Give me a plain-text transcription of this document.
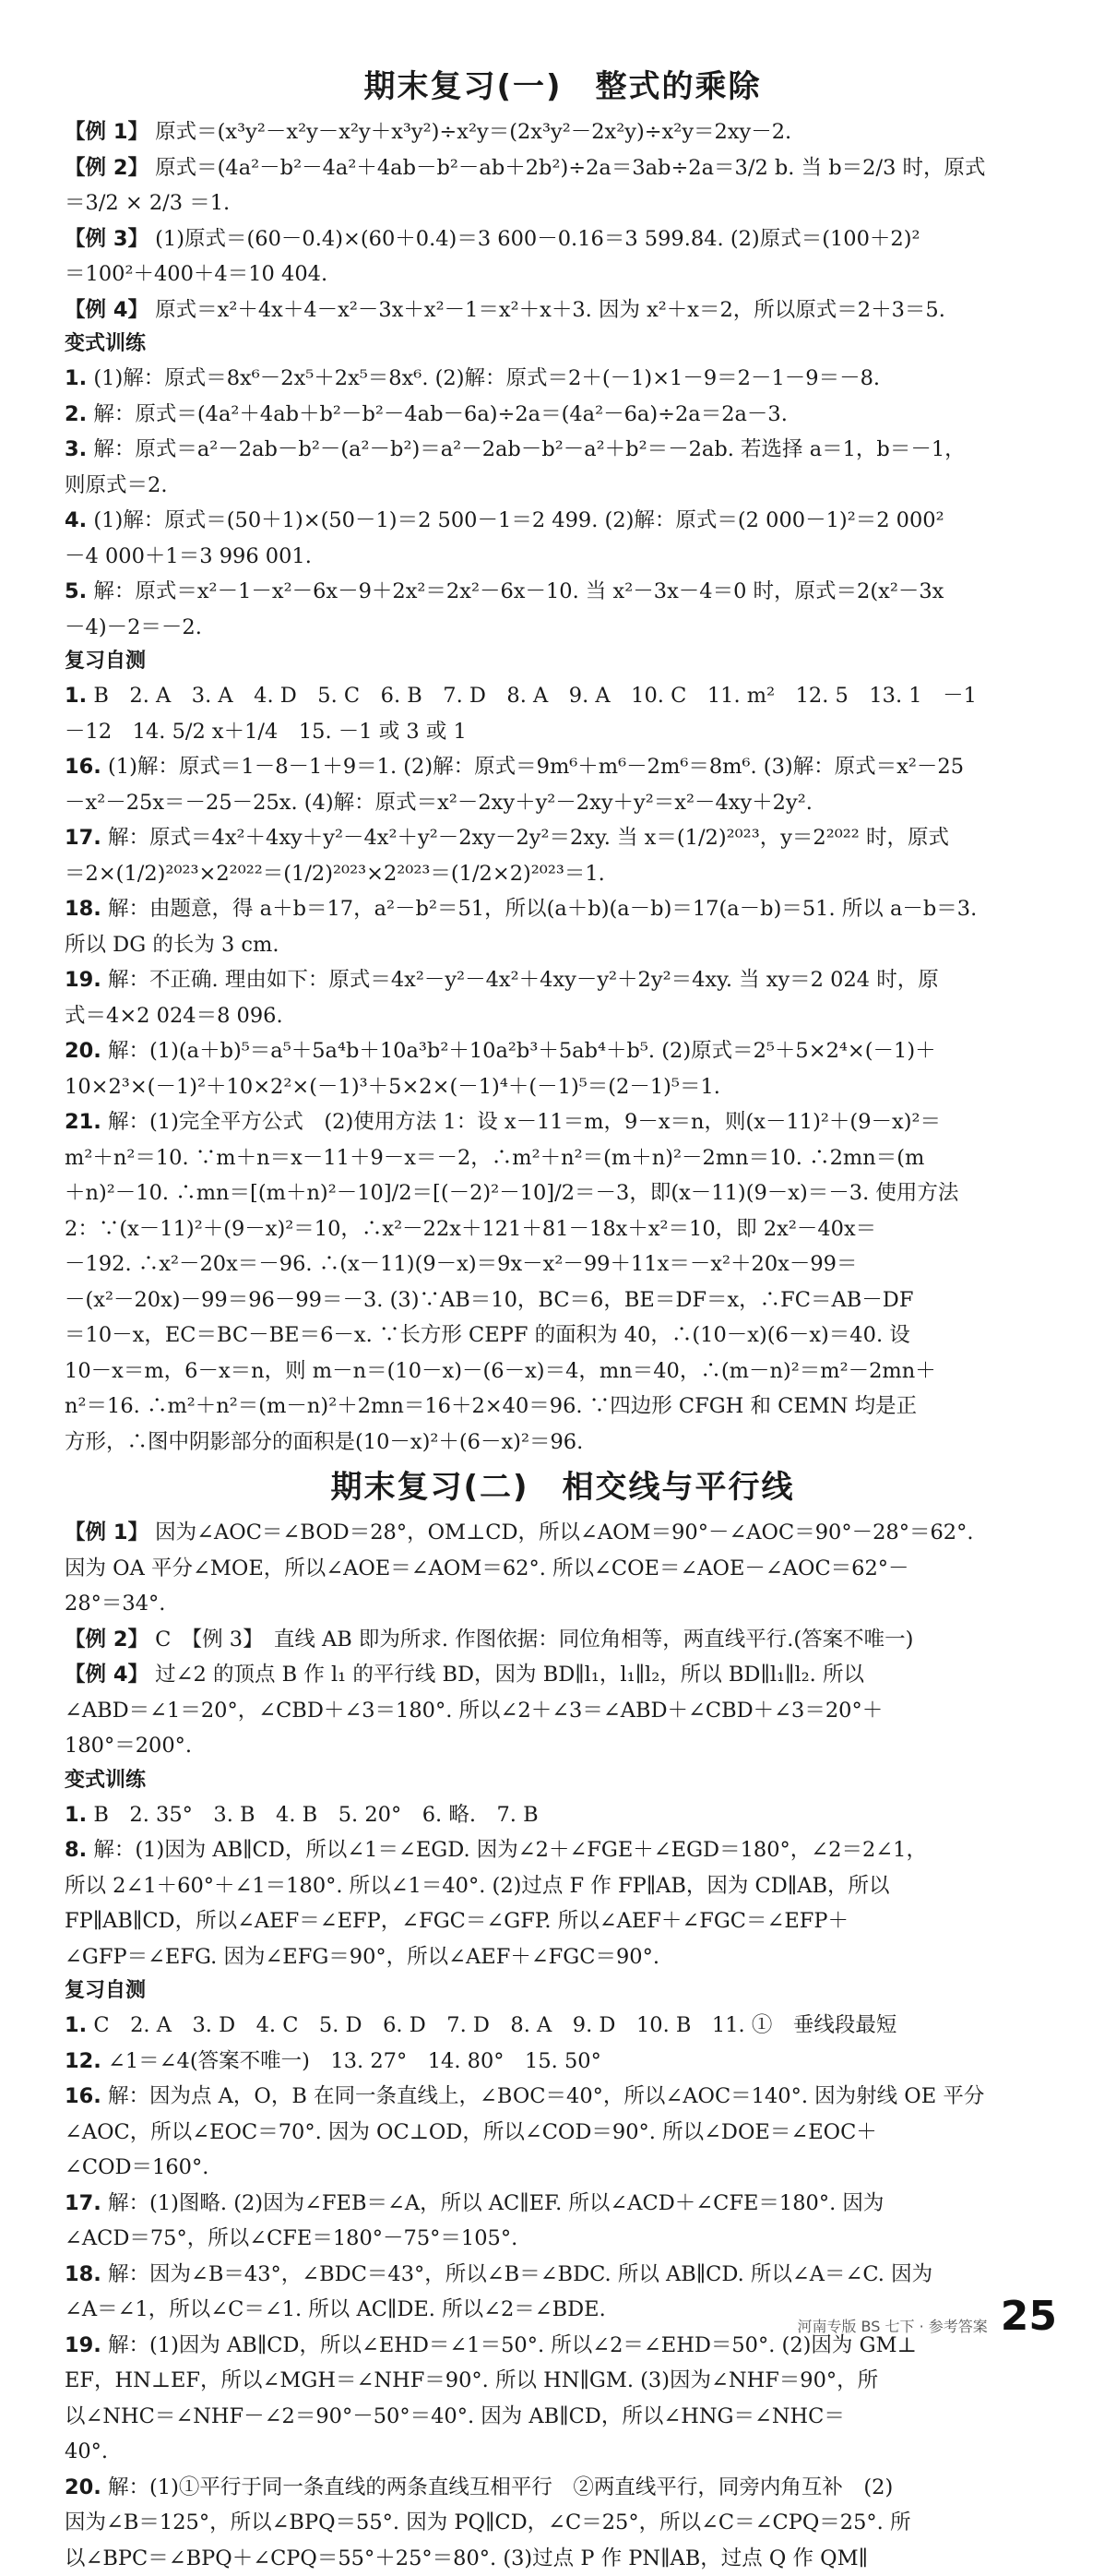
期末复习(一)　整式的乘除
【例 1】 原式＝(x³y²－x²y－x²y＋x³y²)÷x²y＝(2x³y²－2x²y)÷x²y＝2xy－2.
【例 2】 原式＝(4a²－b²－4a²＋4ab－b²－ab＋2b²)÷2a＝3ab÷2a＝3/2 b. 当 b＝2/3 时，原式
＝3/2 × 2/3 ＝1.
【例 3】 (1)原式＝(60－0.4)×(60＋0.4)＝3 600－0.16＝3 599.84. (2)原式＝(100＋2)²
＝100²＋400＋4＝10 404.
【例 4】 原式＝x²＋4x＋4－x²－3x＋x²－1＝x²＋x＋3. 因为 x²＋x＝2，所以原式＝2＋3＝5.
变式训练
1. (1)解：原式＝8x⁶－2x⁵＋2x⁵＝8x⁶. (2)解：原式＝2＋(－1)×1－9＝2－1－9＝－8.
2. 解：原式＝(4a²＋4ab＋b²－b²－4ab－6a)÷2a＝(4a²－6a)÷2a＝2a－3.
3. 解：原式＝a²－2ab－b²－(a²－b²)＝a²－2ab－b²－a²＋b²＝－2ab. 若选择 a＝1，b＝－1，
则原式＝2.
4. (1)解：原式＝(50＋1)×(50－1)＝2 500－1＝2 499. (2)解：原式＝(2 000－1)²＝2 000²
－4 000＋1＝3 996 001.
5. 解：原式＝x²－1－x²－6x－9＋2x²＝2x²－6x－10. 当 x²－3x－4＝0 时，原式＝2(x²－3x
－4)－2＝－2.
复习自测
1. B　2. A　3. A　4. D　5. C　6. B　7. D　8. A　9. A　10. C　11. m²　12. 5　13. 1　－1
－12　14. 5/2 x＋1/4　15. －1 或 3 或 1
16. (1)解：原式＝1－8－1＋9＝1. (2)解：原式＝9m⁶＋m⁶－2m⁶＝8m⁶. (3)解：原式＝x²－25
－x²－25x＝－25－25x. (4)解：原式＝x²－2xy＋y²－2xy＋y²＝x²－4xy＋2y².
17. 解：原式＝4x²＋4xy＋y²－4x²＋y²－2xy－2y²＝2xy. 当 x＝(1/2)²⁰²³，y＝2²⁰²² 时，原式
＝2×(1/2)²⁰²³×2²⁰²²＝(1/2)²⁰²³×2²⁰²³＝(1/2×2)²⁰²³＝1.
18. 解：由题意，得 a＋b＝17，a²－b²＝51，所以(a＋b)(a－b)＝17(a－b)＝51. 所以 a－b＝3.
所以 DG 的长为 3 cm.
19. 解：不正确. 理由如下：原式＝4x²－y²－4x²＋4xy－y²＋2y²＝4xy. 当 xy＝2 024 时，原
式＝4×2 024＝8 096.
20. 解：(1)(a＋b)⁵＝a⁵＋5a⁴b＋10a³b²＋10a²b³＋5ab⁴＋b⁵. (2)原式＝2⁵＋5×2⁴×(－1)＋
10×2³×(－1)²＋10×2²×(－1)³＋5×2×(－1)⁴＋(－1)⁵＝(2－1)⁵＝1.
21. 解：(1)完全平方公式　(2)使用方法 1：设 x－11＝m，9－x＝n，则(x－11)²＋(9－x)²＝
m²＋n²＝10. ∵m＋n＝x－11＋9－x＝－2，∴m²＋n²＝(m＋n)²－2mn＝10. ∴2mn＝(m
＋n)²－10. ∴mn＝[(m＋n)²－10]/2＝[(－2)²－10]/2＝－3，即(x－11)(9－x)＝－3. 使用方法
2：∵(x－11)²＋(9－x)²＝10，∴x²－22x＋121＋81－18x＋x²＝10，即 2x²－40x＝
－192. ∴x²－20x＝－96. ∴(x－11)(9－x)＝9x－x²－99＋11x＝－x²＋20x－99＝
－(x²－20x)－99＝96－99＝－3. (3)∵AB＝10，BC＝6，BE＝DF＝x，∴FC＝AB－DF
＝10－x，EC＝BC－BE＝6－x. ∵长方形 CEPF 的面积为 40，∴(10－x)(6－x)＝40. 设
10－x＝m，6－x＝n，则 m－n＝(10－x)－(6－x)＝4，mn＝40，∴(m－n)²＝m²－2mn＋
n²＝16. ∴m²＋n²＝(m－n)²＋2mn＝16＋2×40＝96. ∵四边形 CFGH 和 CEMN 均是正
方形，∴图中阴影部分的面积是(10－x)²＋(6－x)²＝96.
期末复习(二)　相交线与平行线
【例 1】 因为∠AOC＝∠BOD＝28°，OM⊥CD，所以∠AOM＝90°－∠AOC＝90°－28°＝62°.
因为 OA 平分∠MOE，所以∠AOE＝∠AOM＝62°. 所以∠COE＝∠AOE－∠AOC＝62°－
28°＝34°.
【例 2】 C　【例 3】　直线 AB 即为所求. 作图依据：同位角相等，两直线平行.(答案不唯一)
【例 4】 过∠2 的顶点 B 作 l₁ 的平行线 BD，因为 BD∥l₁，l₁∥l₂，所以 BD∥l₁∥l₂. 所以
∠ABD＝∠1＝20°，∠CBD＋∠3＝180°. 所以∠2＋∠3＝∠ABD＋∠CBD＋∠3＝20°＋
180°＝200°.
变式训练
1. B　2. 35°　3. B　4. B　5. 20°　6. 略.　7. B
8. 解：(1)因为 AB∥CD，所以∠1＝∠EGD. 因为∠2＋∠FGE＋∠EGD＝180°，∠2＝2∠1，
所以 2∠1＋60°＋∠1＝180°. 所以∠1＝40°. (2)过点 F 作 FP∥AB，因为 CD∥AB，所以
FP∥AB∥CD，所以∠AEF＝∠EFP，∠FGC＝∠GFP. 所以∠AEF＋∠FGC＝∠EFP＋
∠GFP＝∠EFG. 因为∠EFG＝90°，所以∠AEF＋∠FGC＝90°.
复习自测
1. C　2. A　3. D　4. C　5. D　6. D　7. D　8. A　9. D　10. B　11. ①　垂线段最短
12. ∠1＝∠4(答案不唯一)　13. 27°　14. 80°　15. 50°
16. 解：因为点 A，O，B 在同一条直线上，∠BOC＝40°，所以∠AOC＝140°. 因为射线 OE 平分
∠AOC，所以∠EOC＝70°. 因为 OC⊥OD，所以∠COD＝90°. 所以∠DOE＝∠EOC＋
∠COD＝160°.
17. 解：(1)图略. (2)因为∠FEB＝∠A，所以 AC∥EF. 所以∠ACD＋∠CFE＝180°. 因为
∠ACD＝75°，所以∠CFE＝180°－75°＝105°.
18. 解：因为∠B＝43°，∠BDC＝43°，所以∠B＝∠BDC. 所以 AB∥CD. 所以∠A＝∠C. 因为
∠A＝∠1，所以∠C＝∠1. 所以 AC∥DE. 所以∠2＝∠BDE.
19. 解：(1)因为 AB∥CD，所以∠EHD＝∠1＝50°. 所以∠2＝∠EHD＝50°. (2)因为 GM⊥
EF，HN⊥EF，所以∠MGH＝∠NHF＝90°. 所以 HN∥GM. (3)因为∠NHF＝90°，所
以∠NHC＝∠NHF－∠2＝90°－50°＝40°. 因为 AB∥CD，所以∠HNG＝∠NHC＝
40°.
20. 解：(1)①平行于同一条直线的两条直线互相平行　②两直线平行，同旁内角互补　(2)
因为∠B＝125°，所以∠BPQ＝55°. 因为 PQ∥CD，∠C＝25°，所以∠C＝∠CPQ＝25°. 所
以∠BPC＝∠BPQ＋∠CPQ＝55°＋25°＝80°. (3)过点 P 作 PN∥AB，过点 Q 作 QM∥
河南专版 BS 七下 · 参考答案 25
